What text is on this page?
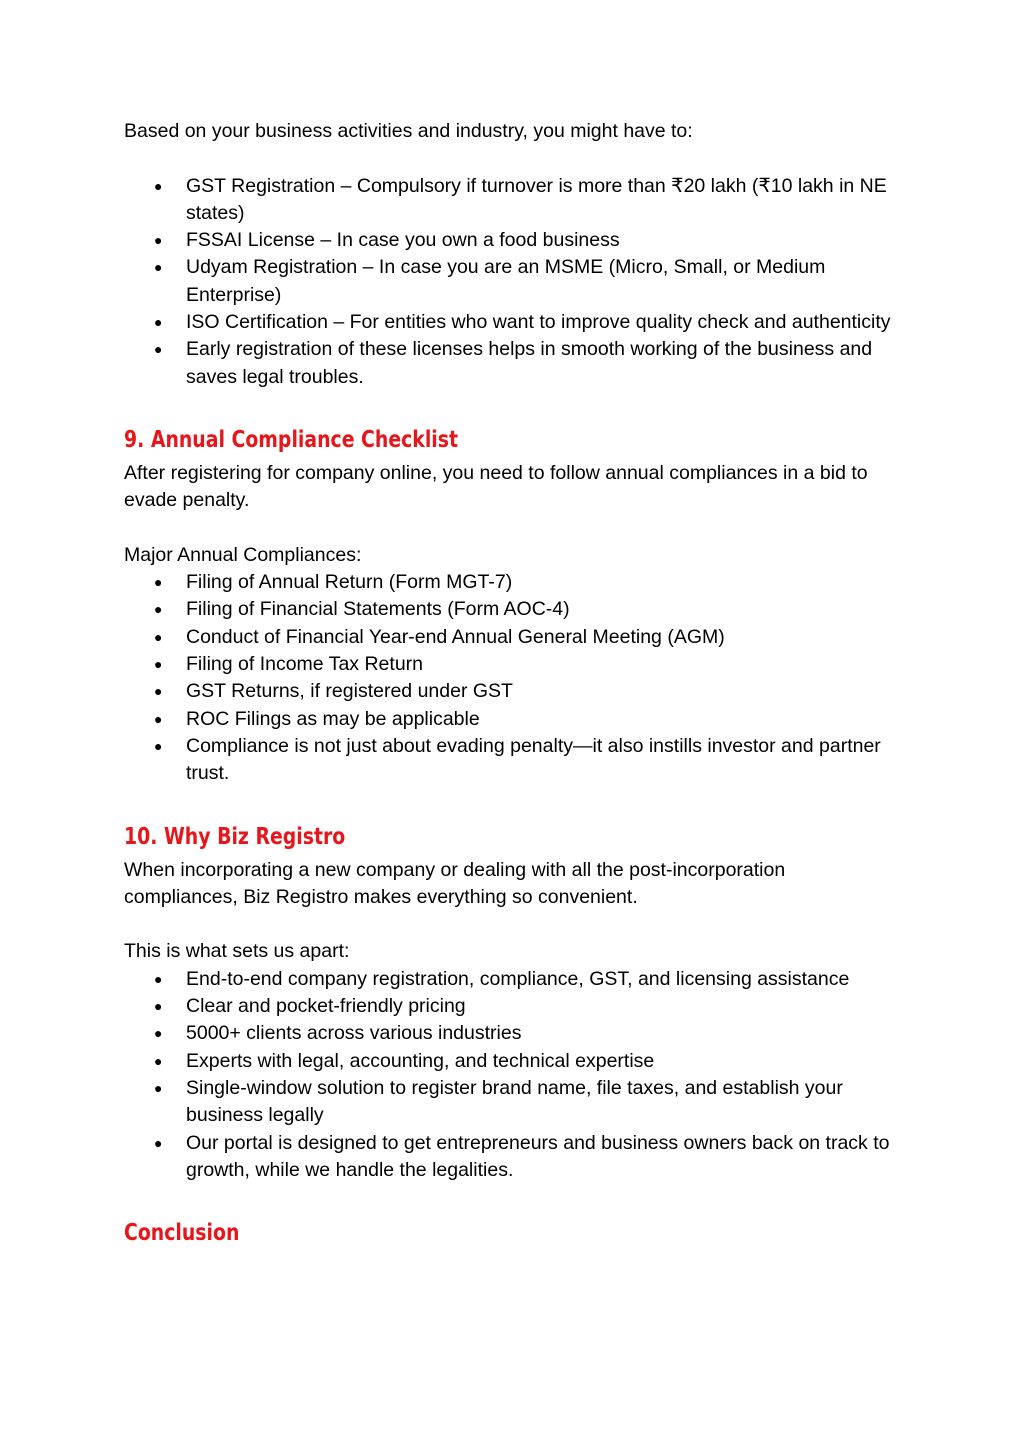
Based on your business activities and industry, you might have to:

● GST Registration – Compulsory if turnover is more than ₹20 lakh (₹10 lakh in NE states)
● FSSAI License – In case you own a food business
● Udyam Registration – In case you are an MSME (Micro, Small, or Medium Enterprise)
● ISO Certification – For entities who want to improve quality check and authenticity
● Early registration of these licenses helps in smooth working of the business and saves legal troubles.
9. Annual Compliance Checklist

After registering for company online, you need to follow annual compliances in a bid to evade penalty.

Major Annual Compliances:

● Filing of Annual Return (Form MGT-7)
● Filing of Financial Statements (Form AOC-4)
● Conduct of Financial Year-end Annual General Meeting (AGM)
● Filing of Income Tax Return
● GST Returns, if registered under GST
● ROC Filings as may be applicable
● Compliance is not just about evading penalty—it also instills investor and partner trust.
10. Why Biz Registro

When incorporating a new company or dealing with all the post-incorporation compliances, Biz Registro makes everything so convenient.

This is what sets us apart:

● End-to-end company registration, compliance, GST, and licensing assistance
● Clear and pocket-friendly pricing
● 5000+ clients across various industries
● Experts with legal, accounting, and technical expertise
● Single-window solution to register brand name, file taxes, and establish your business legally
● Our portal is designed to get entrepreneurs and business owners back on track to growth, while we handle the legalities.
Conclusion
